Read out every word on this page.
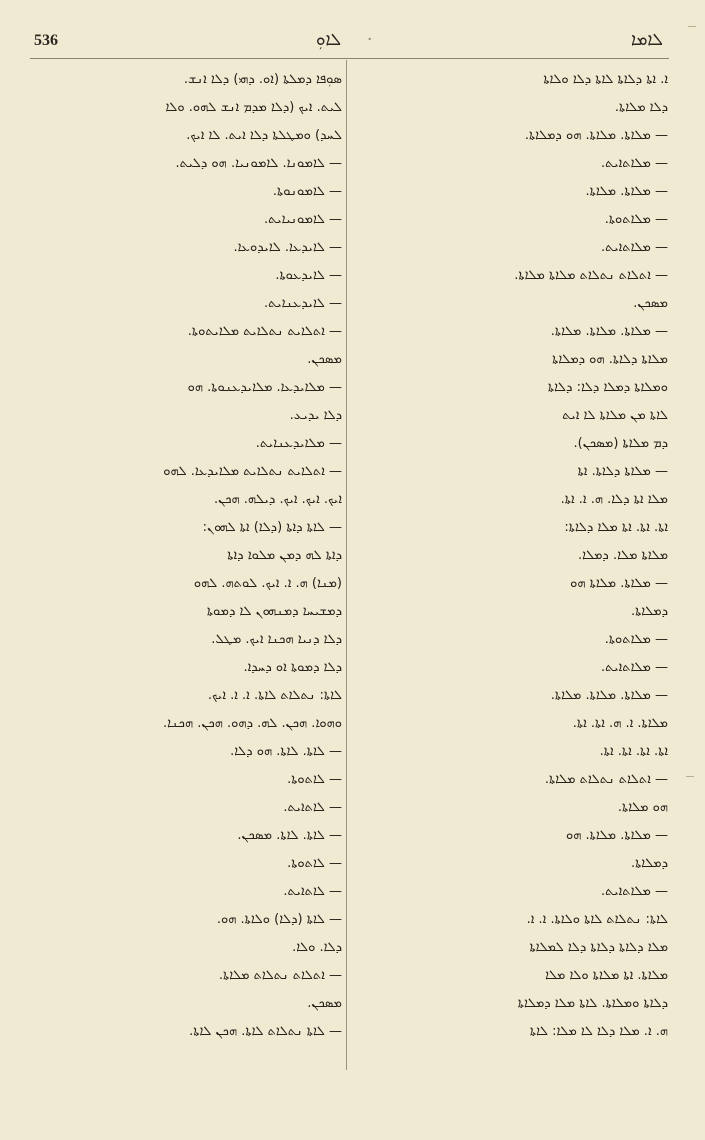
536	ܠܐܘܼ ·	ܠܐܡܐ

ܣܘܼܦܐ ܕܡܠܬܐ (ܐܘ. ܕܗܝ) ܕܠܐ ܐܢܫ.

ܠܝܬ. ܐܝܟ (ܕܠܐ ܡܕܡ ܐܢܫ ܠܗܘ. ܘܠܐ

ܠܚܕ) ܘܡܛܠܬܐ ܕܠܐ ܐܝܬ. ܠܐ ܐܝܟ.

— ܠܐܡܘܢܐ. ܠܐܡܘܢܝܐ. ܗܘ ܕܠܝܬ.

— ܠܐܡܘܢܘܬܐ.

— ܠܐܡܘܢܝܐܝܬ.

— ܠܐܝܕܥܐ. ܠܐܝܕܘܥܐ.

— ܠܐܝܕܥܘܬܐ.

— ܠܐܝܕܥܢܐܝܬ.

— ܐܬܠܐܝܬ ܢܬܠܐܝܬ ܡܠܐܝܬܘܬܐ.

ܡܣܟܢ.

— ܡܠܐܝܕܥܐ. ܡܠܐܝܕܥܢܘܬܐ. ܗܘ

ܕܠܐ ܝܕܝܥ.

— ܡܠܐܝܕܥܢܐܝܬ.

— ܐܬܠܐܝܬ ܢܬܠܐܝܬ ܡܠܐܝܕܥܐ. ܠܗܘ

ܐܝܟ. ܐܝܟ. ܐܝܟ. ܕܝܠܗ. ܗܟܢ.

— ܠܐܬܐ ܕܐܬܐ (ܕܠܐ) ܐܬܐ ܠܗܘܢ:

ܕܐܬܐ ܠܗ ܕܡܢ ܡܠܘܐ ܕܐܬܐ

(ܡܢܐ) ܗ. ܐ. ܐܝܟ. ܠܘܬܗ. ܠܗܘ

ܕܡܫܝܚܐ ܕܡܢܗܘܢ ܠܐ ܕܡܘܬܐ

ܕܠܐ ܕܢܝܐ ܗܟܢܐ ܐܝܟ. ܡܛܠ.

ܕܠܐ ܕܡܘܬܐ ܐܘ ܕܚܕܐ.

ܠܐܬܐ: ܢܬܠܐܬ ܠܐܬܐ. ܐ. ܐ. ܐܝܟ.

ܘܗܘܐ. ܗܟܢ. ܠܗ. ܕܗܘ. ܗܟܢ. ܗܟܢܐ.

— ܠܐܬܐ. ܠܐܬܐ. ܗܘ ܕܠܐ.

— ܠܐܬܘܬܐ.

— ܠܐܬܐܝܬ.

— ܠܐܬܐ. ܠܐܬܐ. ܡܣܟܢ.

— ܠܐܬܘܬܐ.

— ܠܐܬܐܝܬ.

— ܠܐܬܐ (ܕܠܐ) ܘܠܐܬܐ. ܗܘ.

ܕܠܐ. ܘܠܐ.

— ܐܬܠܐܬ ܢܬܠܐܬ ܡܠܐܬܐ.

ܡܣܟܢ.

— ܠܐܬܐ ܢܬܠܐܬ ܠܐܬܐ. ܗܟܢ ܠܐܬܐ.

ܐ. ܐܬܐ ܕܠܐܬܐ ܠܐܬܐ ܕܠܐ ܘܠܐܬܐ

ܕܠܐ ܡܠܐܬܐ.

— ܡܠܐܬܐ. ܡܠܐܬܐ. ܗܘ ܕܡܠܐܬܐ.

— ܡܠܐܬܐܝܬ.

— ܡܠܐܬܐ. ܡܠܐܬܐ.

— ܡܠܐܬܘܬܐ.

— ܡܠܐܬܐܝܬ.

— ܐܬܠܐܬ ܢܬܠܐܬ ܡܠܐܬܐ ܡܠܐܬܐ.

ܡܣܟܢ.

— ܡܠܐܬܐ. ܡܠܐܬܐ. ܡܠܐܬܐ.

ܡܠܐܬܐ ܕܠܐܬܐ. ܗܘ ܕܡܠܐܬܐ

ܘܡܠܐܬܐ ܕܡܠܐ ܕܠܐ: ܕܠܐܬܐ

ܠܐܬܐ ܡܢ ܡܠܐܬܐ ܠܐ ܐܝܬ

ܕܡ ܡܠܐܬܐ (ܡܣܟܢ).

— ܡܠܐܬܐ ܕܠܐܬܐ. ܐܬܐ

ܡܠܐ ܐܬܐ ܕܠܐ. ܗ. ܐ. ܐܬܐ.

ܐܬܐ. ܐܬܐ. ܐܬܐ ܡܠܐ ܕܠܐܬܐ:

ܡܠܐܬܐ ܡܠܐ. ܕܡܠܐ.

— ܡܠܐܬܐ. ܡܠܐܬܐ ܗܘ

ܕܡܠܐܬܐ.

— ܡܠܐܬܘܬܐ.

— ܡܠܐܬܐܝܬ.

— ܡܠܐܬܐ. ܡܠܐܬܐ. ܡܠܐܬܐ.

ܡܠܐܬܐ. ܐ. ܗ. ܐܬܐ. ܐܬܐ.

ܐܬܐ. ܐܬܐ. ܐܬܐ. ܐܬܐ.

— ܐܬܠܐܬ ܢܬܠܐܬ ܡܠܐܬܐ.

ܗܘ ܡܠܐܬܐ.

— ܡܠܐܬܐ. ܡܠܐܬܐ. ܗܘ

ܕܡܠܐܬܐ.

— ܡܠܐܬܐܝܬ.

ܠܐܬܐ: ܢܬܠܐܬ ܠܐܬܐ ܘܠܐܬܐ. ܐ. ܐ.

ܡܠܐ ܕܠܐܬܐ ܕܠܐܬܐ ܕܠܐ ܠܡܠܐܬܐ

ܡܠܐܬܐ. ܐܬܐ ܡܠܐܬܐ ܘܠܐ ܡܠܐ

ܕܠܐܬܐ ܘܡܠܐܬܐ. ܠܐܬܐ ܡܠܐ ܕܡܠܐܬܐ

ܗ. ܐ. ܡܠܐ ܕܠܐ ܠܐ ܡܠܐ: ܠܐܬܐ
